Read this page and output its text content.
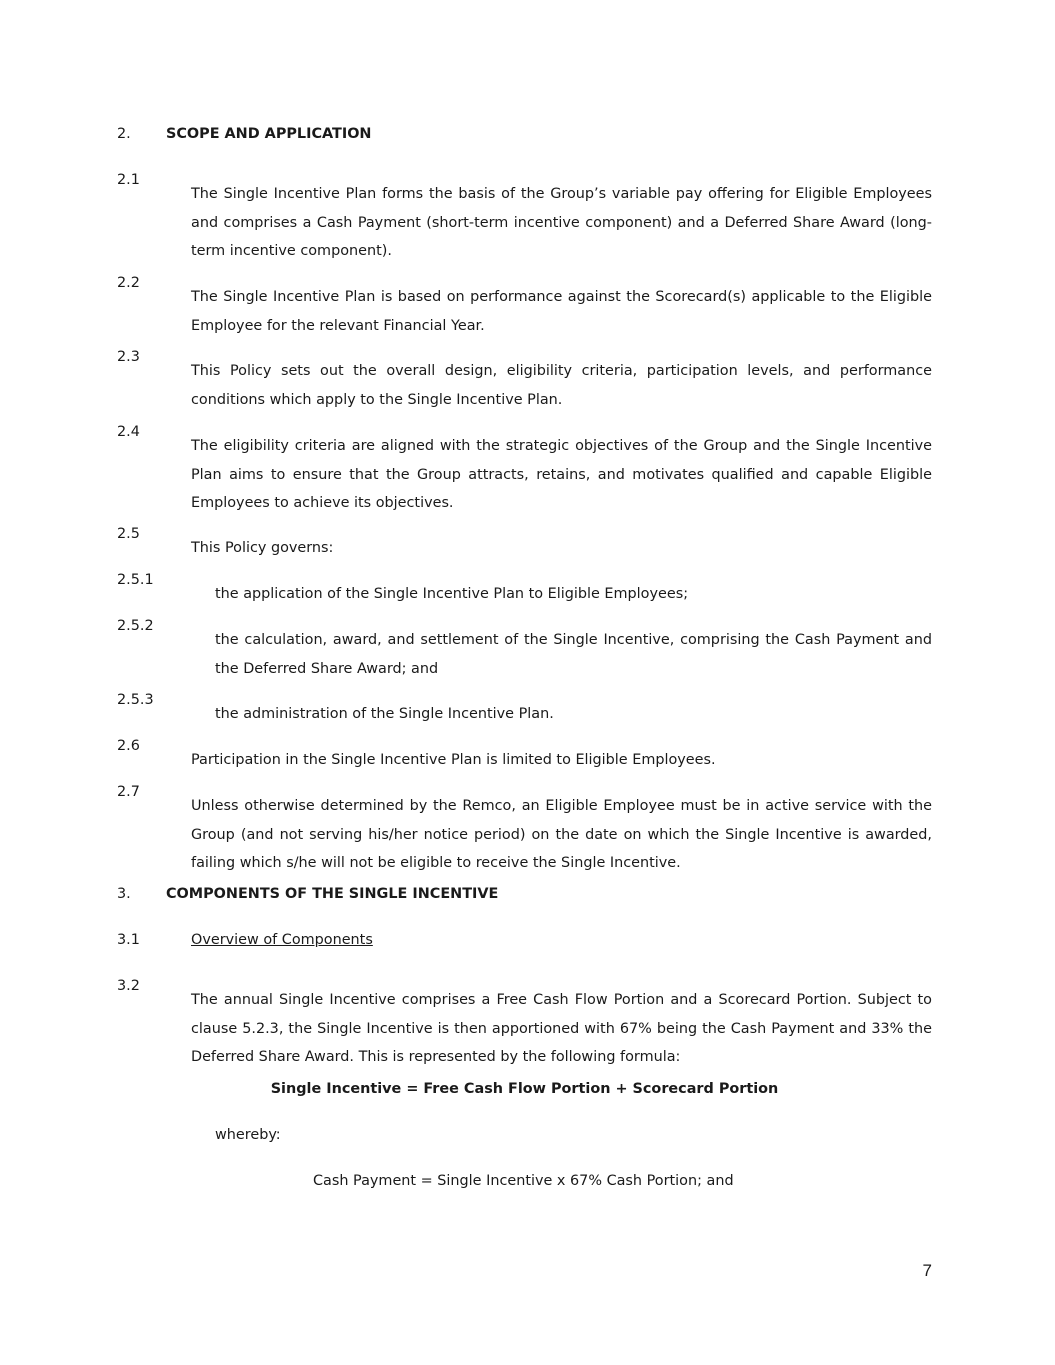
2. SCOPE AND APPLICATION
2.1

The Single Incentive Plan forms the basis of the Group’s variable pay offering for Eligible Employees and comprises a Cash Payment (short-term incentive component) and a Deferred Share Award (long-term incentive component).

2.2

The Single Incentive Plan is based on performance against the Scorecard(s) applicable to the Eligible Employee for the relevant Financial Year.

2.3

This Policy sets out the overall design, eligibility criteria, participation levels, and performance conditions which apply to the Single Incentive Plan.

2.4

The eligibility criteria are aligned with the strategic objectives of the Group and the Single Incentive Plan aims to ensure that the Group attracts, retains, and motivates qualified and capable Eligible Employees to achieve its objectives.

2.5

This Policy governs:

2.5.1

the application of the Single Incentive Plan to Eligible Employees;

2.5.2

the calculation, award, and settlement of the Single Incentive, comprising the Cash Payment and the Deferred Share Award; and

2.5.3

the administration of the Single Incentive Plan.

2.6

Participation in the Single Incentive Plan is limited to Eligible Employees.

2.7

Unless otherwise determined by the Remco, an Eligible Employee must be in active service with the Group (and not serving his/her notice period) on the date on which the Single Incentive is awarded, failing which s/he will not be eligible to receive the Single Incentive.

3. COMPONENTS OF THE SINGLE INCENTIVE
3.1	Overview of Components
3.2

The annual Single Incentive comprises a Free Cash Flow Portion and a Scorecard Portion. Subject to clause 5.2.3, the Single Incentive is then apportioned with 67% being the Cash Payment and 33% the Deferred Share Award. This is represented by the following formula:

Single Incentive = Free Cash Flow Portion + Scorecard Portion
whereby:
Cash Payment = Single Incentive x 67% Cash Portion; and
7
